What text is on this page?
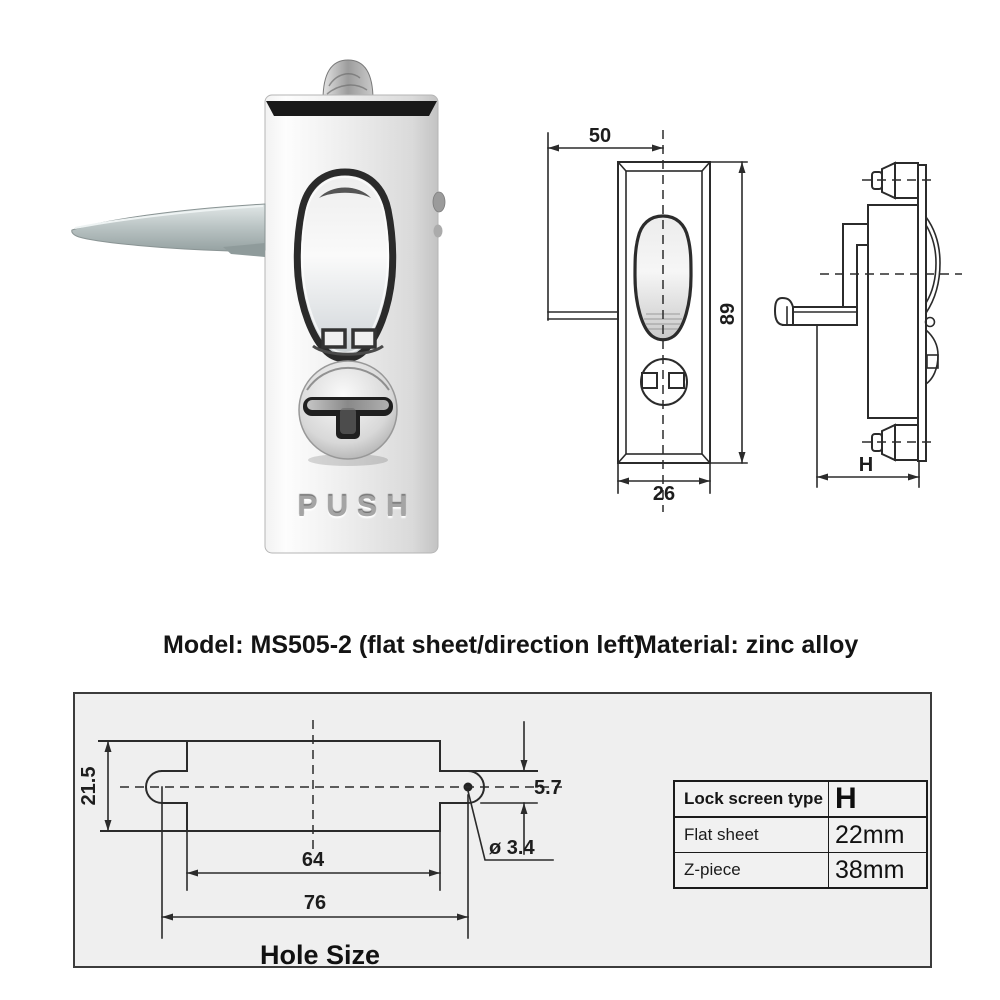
PUSH
50
89
26
H
Model: MS505-2 (flat sheet/direction left)
Material: zinc alloy
21.5
64
76
5.7
ø 3.4
Hole Size
Lock screen type H
Flat sheet	22mm
Z-piece	38mm
